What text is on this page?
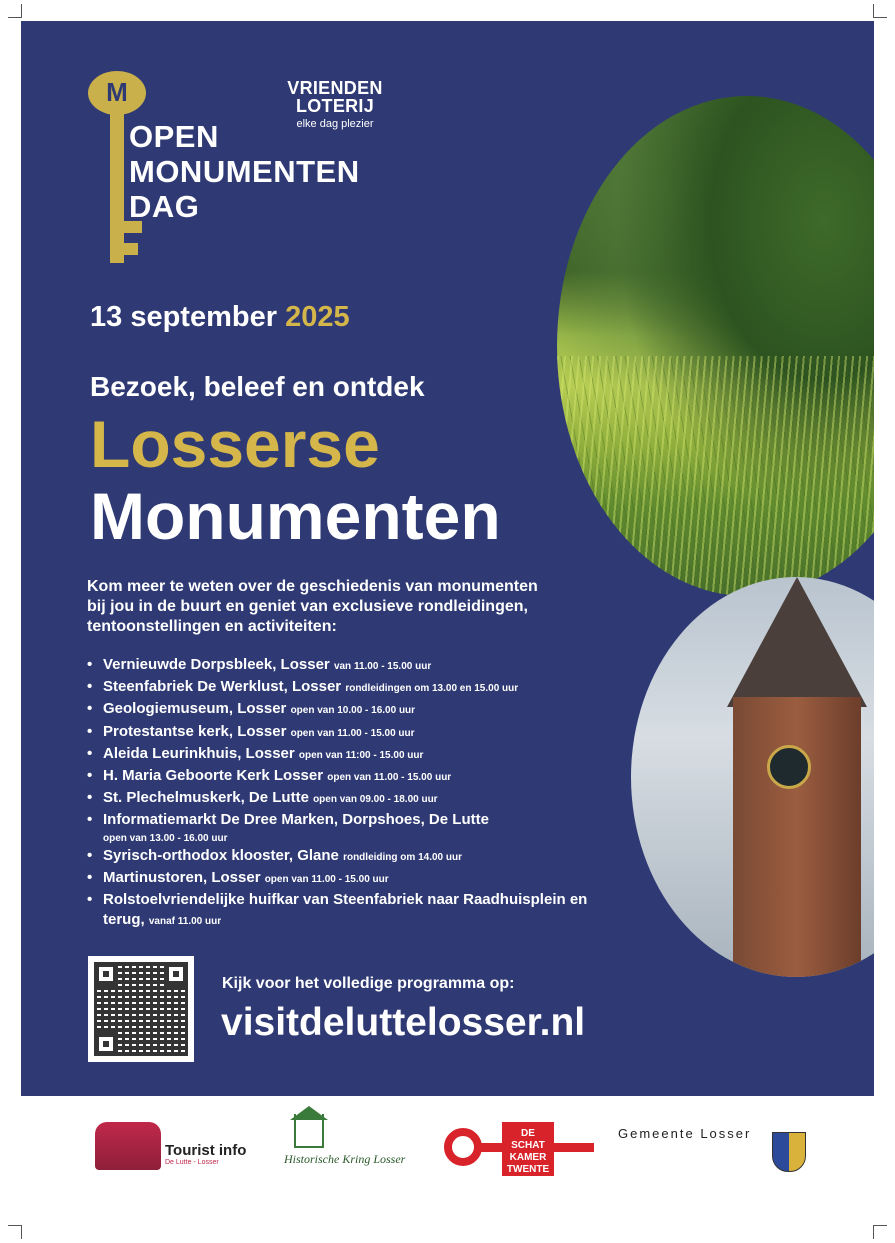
M
OPEN
MONUMENTEN
DAG
VRIENDEN
LOTERIJ
elke dag plezier
13 september 2025
Bezoek, beleef en ontdek
Losserse
Monumenten
Kom meer te weten over de geschiedenis van monumenten bij jou in de buurt en geniet van exclusieve rondleidingen, tentoonstellingen en activiteiten:
• Vernieuwde Dorpsbleek, Losser van 11.00 - 15.00 uur
• Steenfabriek De Werklust, Losser rondleidingen om 13.00 en 15.00 uur
• Geologiemuseum, Losser open van 10.00 - 16.00 uur
• Protestantse kerk, Losser open van 11.00 - 15.00 uur
• Aleida Leurinkhuis, Losser open van 11:00 - 15.00 uur
• H. Maria Geboorte Kerk Losser open van 11.00 - 15.00 uur
• St. Plechelmuskerk, De Lutte open van 09.00 - 18.00 uur
• Informatiemarkt De Dree Marken, Dorpshoes, De Lutte
open van 13.00 - 16.00 uur
• Syrisch-orthodox klooster, Glane rondleiding om 14.00 uur
• Martinustoren, Losser open van 11.00 - 15.00 uur
• Rolstoelvriendelijke huifkar van Steenfabriek naar Raadhuisplein en terug, vanaf 11.00 uur
Kijk voor het volledige programma op:
visitdeluttelosser.nl
Tourist info
De Lutte - Losser	Historische Kring Losser
DE
SCHAT
KAMER
TWENTE
Gemeente Losser
